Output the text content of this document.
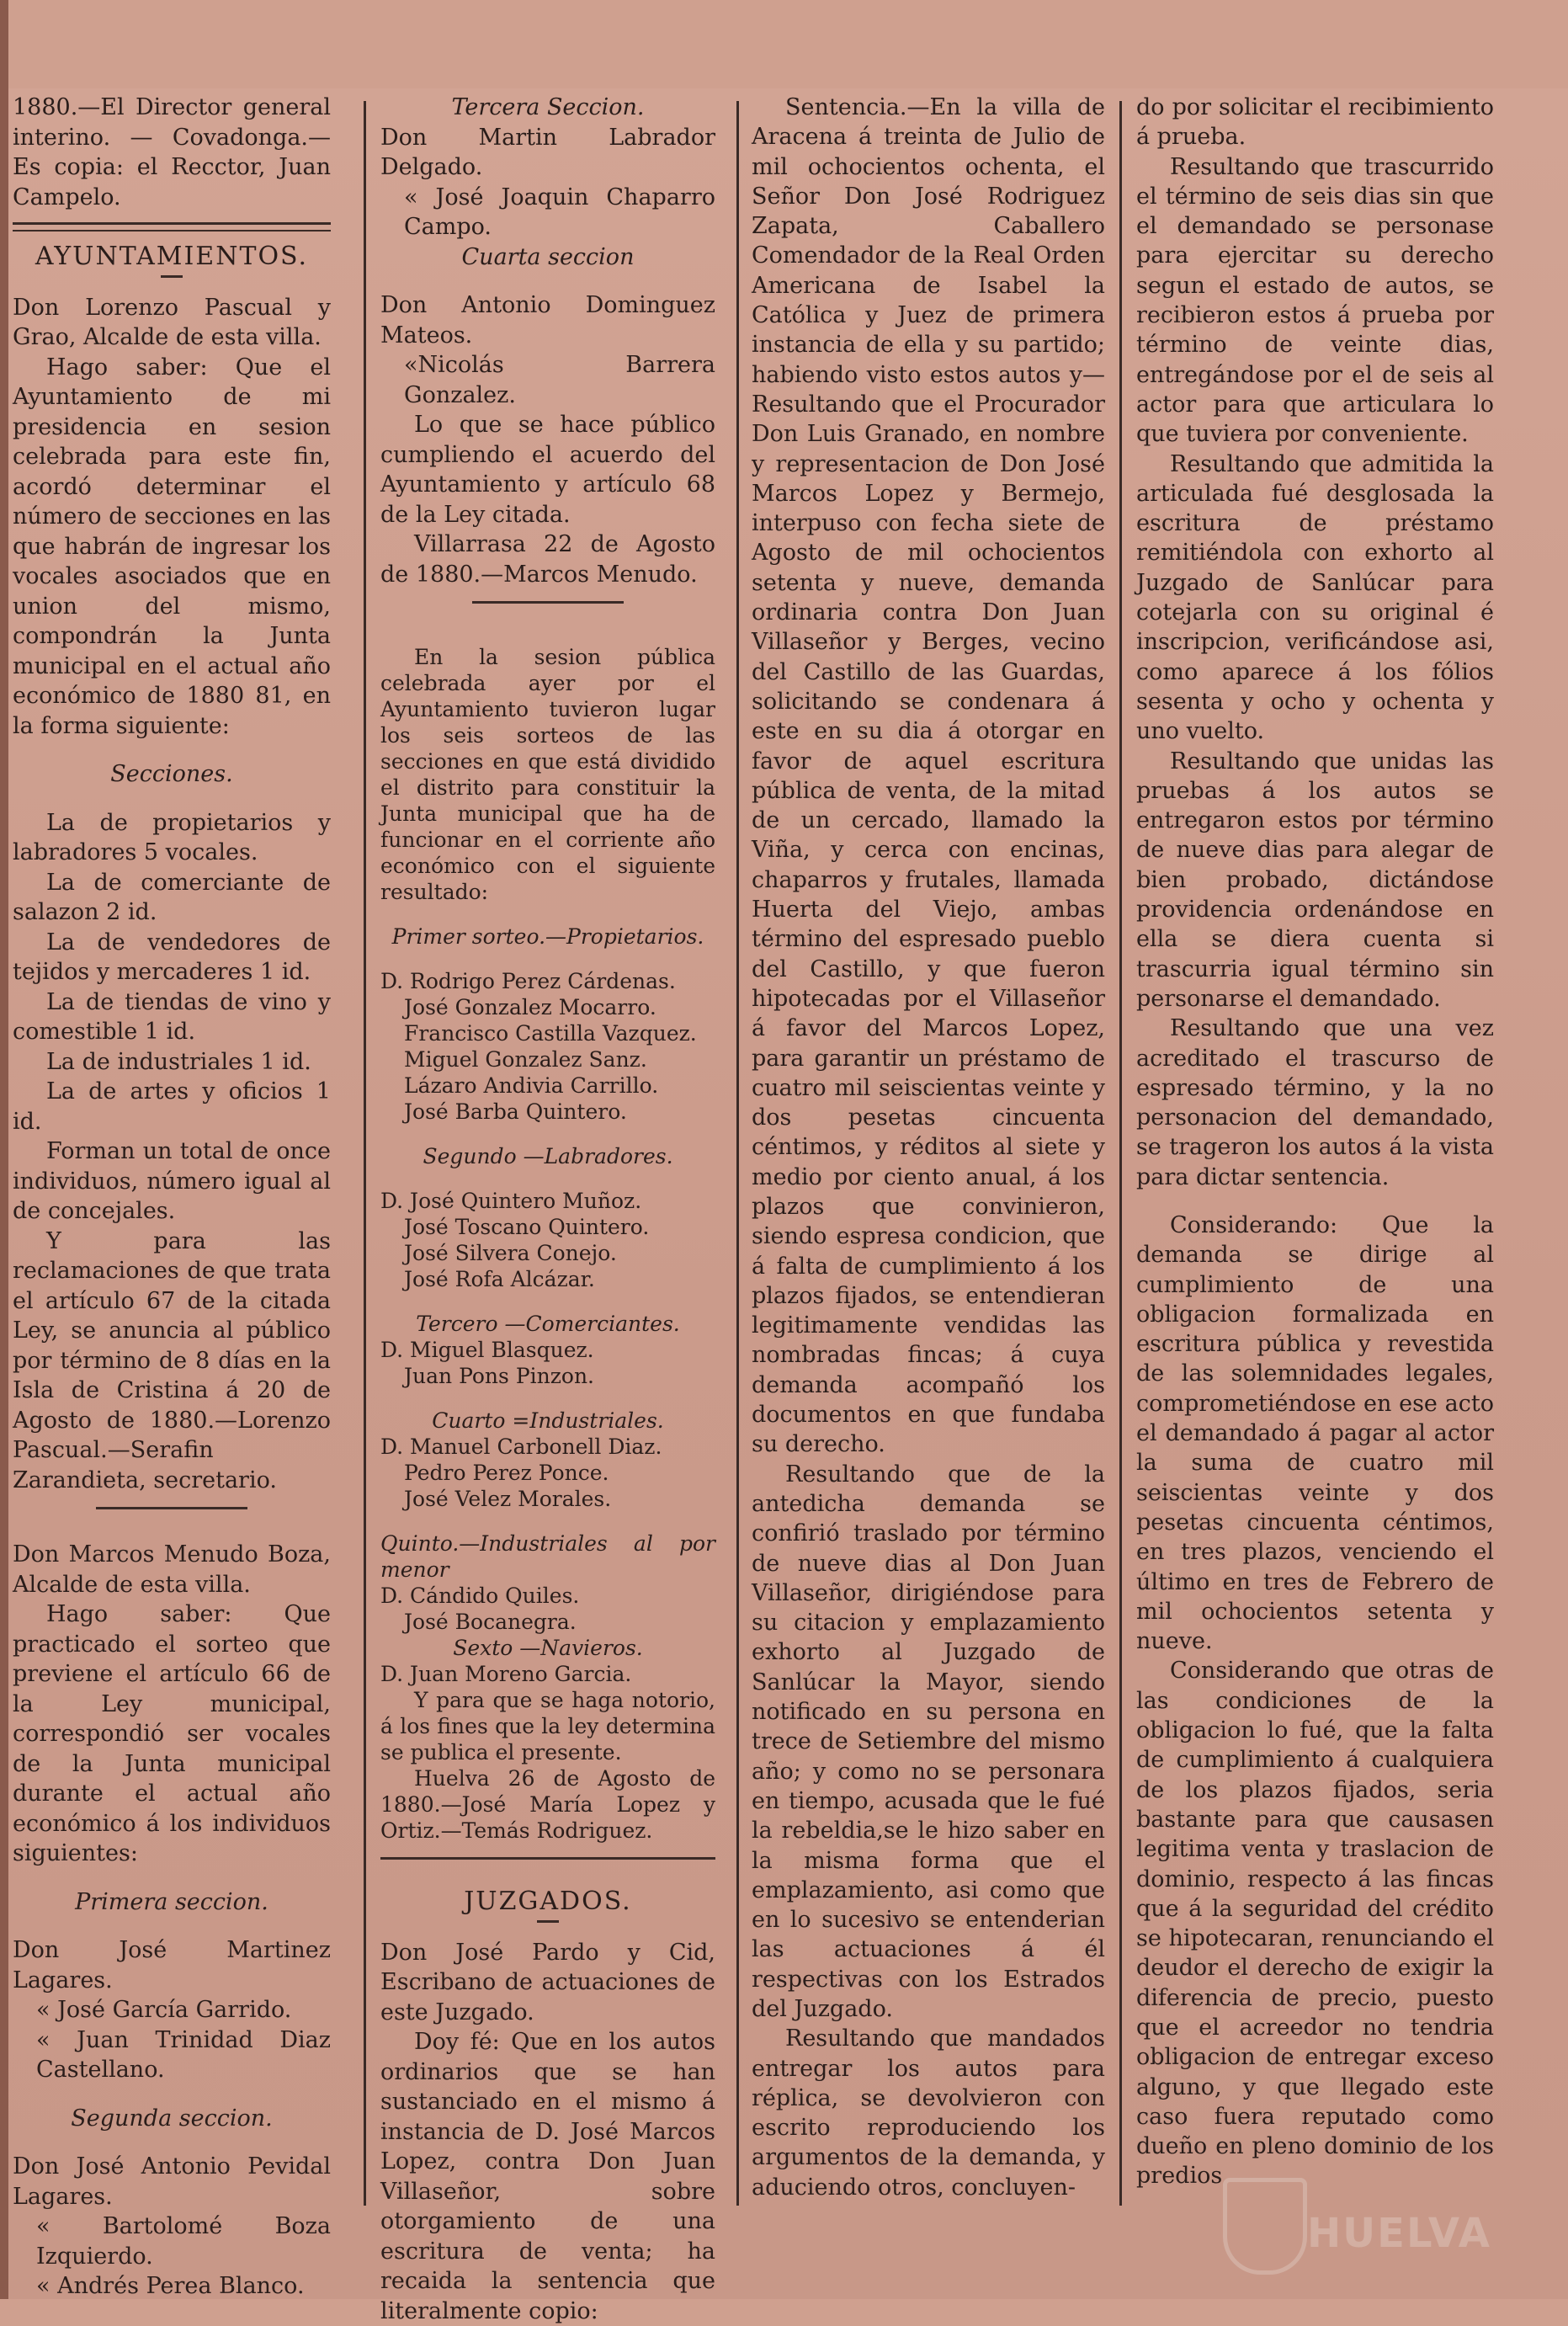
1880.—El Director general interino. — Covadonga.—Es copia: el Recctor, Juan Campelo.

AYUNTAMIENTOS.

Don Lorenzo Pascual y Grao, Alcalde de esta villa.

Hago saber: Que el Ayuntamiento de mi presidencia en sesion celebrada para este fin, acordó determinar el número de secciones en las que habrán de ingresar los vocales asociados que en union del mismo, compondrán la Junta municipal en el actual año económico de 1880 81, en la forma siguiente:

Secciones.

La de propietarios y labradores 5 vocales.

La de comerciante de salazon 2 id.

La de vendedores de tejidos y mercaderes 1 id.

La de tiendas de vino y comestible 1 id.

La de industriales 1 id.

La de artes y oficios 1 id.

Forman un total de once individuos, número igual al de concejales.

Y para las reclamaciones de que trata el artículo 67 de la citada Ley, se anuncia al público por término de 8 días en la Isla de Cristina á 20 de Agosto de 1880.—Lorenzo Pascual.—Serafin Zarandieta, secretario.

Don Marcos Menudo Boza, Alcalde de esta villa.

Hago saber: Que practicado el sorteo que previene el artículo 66 de la Ley municipal, correspondió ser vocales de la Junta municipal durante el actual año económico á los individuos siguientes:

Primera seccion.

Don José Martinez Lagares.

« José García Garrido.

« Juan Trinidad Diaz Castellano.

Segunda seccion.

Don José Antonio Pevidal Lagares.

« Bartolomé Boza Izquierdo.

« Andrés Perea Blanco.

Tercera Seccion.

Don Martin Labrador Delgado.

« José Joaquin Chaparro Campo.

Cuarta seccion

Don Antonio Dominguez Mateos.

«Nicolás Barrera Gonzalez.

Lo que se hace público cumpliendo el acuerdo del Ayuntamiento y artículo 68 de la Ley citada.

Villarrasa 22 de Agosto de 1880.—Marcos Menudo.

En la sesion pública celebrada ayer por el Ayuntamiento tuvieron lugar los seis sorteos de las secciones en que está dividido el distrito para constituir la Junta municipal que ha de funcionar en el corriente año económico con el siguiente resultado:

Primer sorteo.—Propietarios.

D. Rodrigo Perez Cárdenas.

José Gonzalez Mocarro.

Francisco Castilla Vazquez.

Miguel Gonzalez Sanz.

Lázaro Andivia Carrillo.

José Barba Quintero.

Segundo —Labradores.

D. José Quintero Muñoz.

José Toscano Quintero.

José Silvera Conejo.

José Rofa Alcázar.

Tercero —Comerciantes.

D. Miguel Blasquez.

Juan Pons Pinzon.

Cuarto =Industriales.

D. Manuel Carbonell Diaz.

Pedro Perez Ponce.

José Velez Morales.

Quinto.—Industriales al por menor

D. Cándido Quiles.

José Bocanegra.

Sexto —Navieros.

D. Juan Moreno Garcia.

Y para que se haga notorio, á los fines que la ley determina se publica el presente.

Huelva 26 de Agosto de 1880.—José María Lopez y Ortiz.—Temás Rodriguez.

JUZGADOS.

Don José Pardo y Cid, Escribano de actuaciones de este Juzgado.

Doy fé: Que en los autos ordinarios que se han sustanciado en el mismo á instancia de D. José Marcos Lopez, contra Don Juan Villaseñor, sobre otorgamiento de una escritura de venta; ha recaida la sentencia que literalmente copio:

Sentencia.—En la villa de Aracena á treinta de Julio de mil ochocientos ochenta, el Señor Don José Rodriguez Zapata, Caballero Comendador de la Real Orden Americana de Isabel la Católica y Juez de primera instancia de ella y su partido; habiendo visto estos autos y—Resultando que el Procurador Don Luis Granado, en nombre y representacion de Don José Marcos Lopez y Bermejo, interpuso con fecha siete de Agosto de mil ochocientos setenta y nueve, demanda ordinaria contra Don Juan Villaseñor y Berges, vecino del Castillo de las Guardas, solicitando se condenara á este en su dia á otorgar en favor de aquel escritura pública de venta, de la mitad de un cercado, llamado la Viña, y cerca con encinas, chaparros y frutales, llamada Huerta del Viejo, ambas término del espresado pueblo del Castillo, y que fueron hipotecadas por el Villaseñor á favor del Marcos Lopez, para garantir un préstamo de cuatro mil seiscientas veinte y dos pesetas cincuenta céntimos, y réditos al siete y medio por ciento anual, á los plazos que convinieron, siendo espresa condicion, que á falta de cumplimiento á los plazos fijados, se entendieran legitimamente vendidas las nombradas fincas; á cuya demanda acompañó los documentos en que fundaba su derecho.

Resultando que de la antedicha demanda se confirió traslado por término de nueve dias al Don Juan Villaseñor, dirigiéndose para su citacion y emplazamiento exhorto al Juzgado de Sanlúcar la Mayor, siendo notificado en su persona en trece de Setiembre del mismo año; y como no se personara en tiempo, acusada que le fué la rebeldia,se le hizo saber en la misma forma que el emplazamiento, asi como que en lo sucesivo se entenderian las actuaciones á él respectivas con los Estrados del Juzgado.

Resultando que mandados entregar los autos para réplica, se devolvieron con escrito reproduciendo los argumentos de la demanda, y aduciendo otros, concluyen-

do por solicitar el recibimiento á prueba.

Resultando que trascurrido el término de seis dias sin que el demandado se personase para ejercitar su derecho segun el estado de autos, se recibieron estos á prueba por término de veinte dias, entregándose por el de seis al actor para que articulara lo que tuviera por conveniente.

Resultando que admitida la articulada fué desglosada la escritura de préstamo remitiéndola con exhorto al Juzgado de Sanlúcar para cotejarla con su original é inscripcion, verificándose asi, como aparece á los fólios sesenta y ocho y ochenta y uno vuelto.

Resultando que unidas las pruebas á los autos se entregaron estos por término de nueve dias para alegar de bien probado, dictándose providencia ordenándose en ella se diera cuenta si trascurria igual término sin personarse el demandado.

Resultando que una vez acreditado el trascurso de espresado término, y la no personacion del demandado, se trageron los autos á la vista para dictar sentencia.

Considerando: Que la demanda se dirige al cumplimiento de una obligacion formalizada en escritura pública y revestida de las solemnidades legales, comprometiéndose en ese acto el demandado á pagar al actor la suma de cuatro mil seiscientas veinte y dos pesetas cincuenta céntimos, en tres plazos, venciendo el último en tres de Febrero de mil ochocientos setenta y nueve.

Considerando que otras de las condiciones de la obligacion lo fué, que la falta de cumplimiento á cualquiera de los plazos fijados, seria bastante para que causasen legitima venta y traslacion de dominio, respecto á las fincas que á la seguridad del crédito se hipotecaran, renunciando el deudor el derecho de exigir la diferencia de precio, puesto que el acreedor no tendria obligacion de entregar exceso alguno, y que llegado este caso fuera reputado como dueño en pleno dominio de los predios

HUELVA
